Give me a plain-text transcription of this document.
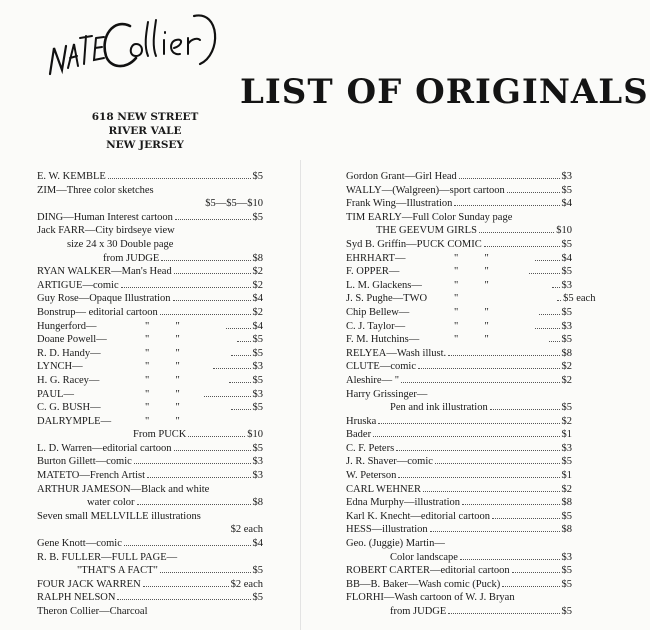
LIST OF ORIGINALS
618 NEW STREET
RIVER VALE
NEW JERSEY
E. W. KEMBLE	$5
ZIM—Three color sketches
$5—$5—$10
DING—Human Interest cartoon	$5
Jack FARR—City birdseye view
size 24 x 30 Double page
from JUDGE	$8
RYAN WALKER—Man's Head	$2
ARTIGUE—comic	$2
Guy Rose—Opaque Illustration	$4
Bonstrup— editorial cartoon	$2
Hungerford—	"          "	$4
Doane Powell—	"          "	$5
R. D. Handy—	"          "	$5
LYNCH—	"          "	$3
H. G. Racey—	"          "	$5
PAUL—	"          "	$3
C. G. BUSH—	"          "	$5
DALRYMPLE—	"          "
From PUCK	$10
L. D. Warren—editorial cartoon	$5
Burton Gillett—comic	$3
MATETO—French Artist	$3
ARTHUR JAMESON—Black and white
water color	$8
Seven small MELLVILLE illustrations
$2 each
Gene Knott—comic	$4
R. B. FULLER—FULL PAGE—
"THAT'S A FACT"	$5
FOUR JACK WARREN	$2 each
RALPH NELSON	$5
Theron Collier—Charcoal
Gordon Grant—Girl Head	$3
WALLY—(Walgreen)—sport cartoon	$5
Frank Wing—Illustration	$4
TIM EARLY—Full Color Sunday page
THE GEEVUM GIRLS	$10
Syd B. Griffin—PUCK COMIC	$5
EHRHART—	"          "	$4
F. OPPER—	"          "	$5
L. M. Glackens—	"          "	$3
J. S. Pughe—TWO	"	$5 each
Chip Bellew—	"          "	$5
C. J. Taylor—	"          "	$3
F. M. Hutchins—	"          "	$5
RELYEA—Wash illust.	$8
CLUTE—comic	$2
Aleshire— "	$2
Harry Grissinger—
Pen and ink illustration	$5
Hruska	$2
Bader	$1
C. F. Peters	$3
J. R. Shaver—comic	$5
W. Peterson	$1
CARL WEHNER	$2
Edna Murphy—illustration	$8
Karl K. Knecht—editorial cartoon	$5
HESS—illustration	$8
Geo. (Juggie) Martin—
Color landscape	$3
ROBERT CARTER—editorial cartoon	$5
BB—B. Baker—Wash comic (Puck)	$5
FLORHI—Wash cartoon of W. J. Bryan
from JUDGE	$5
